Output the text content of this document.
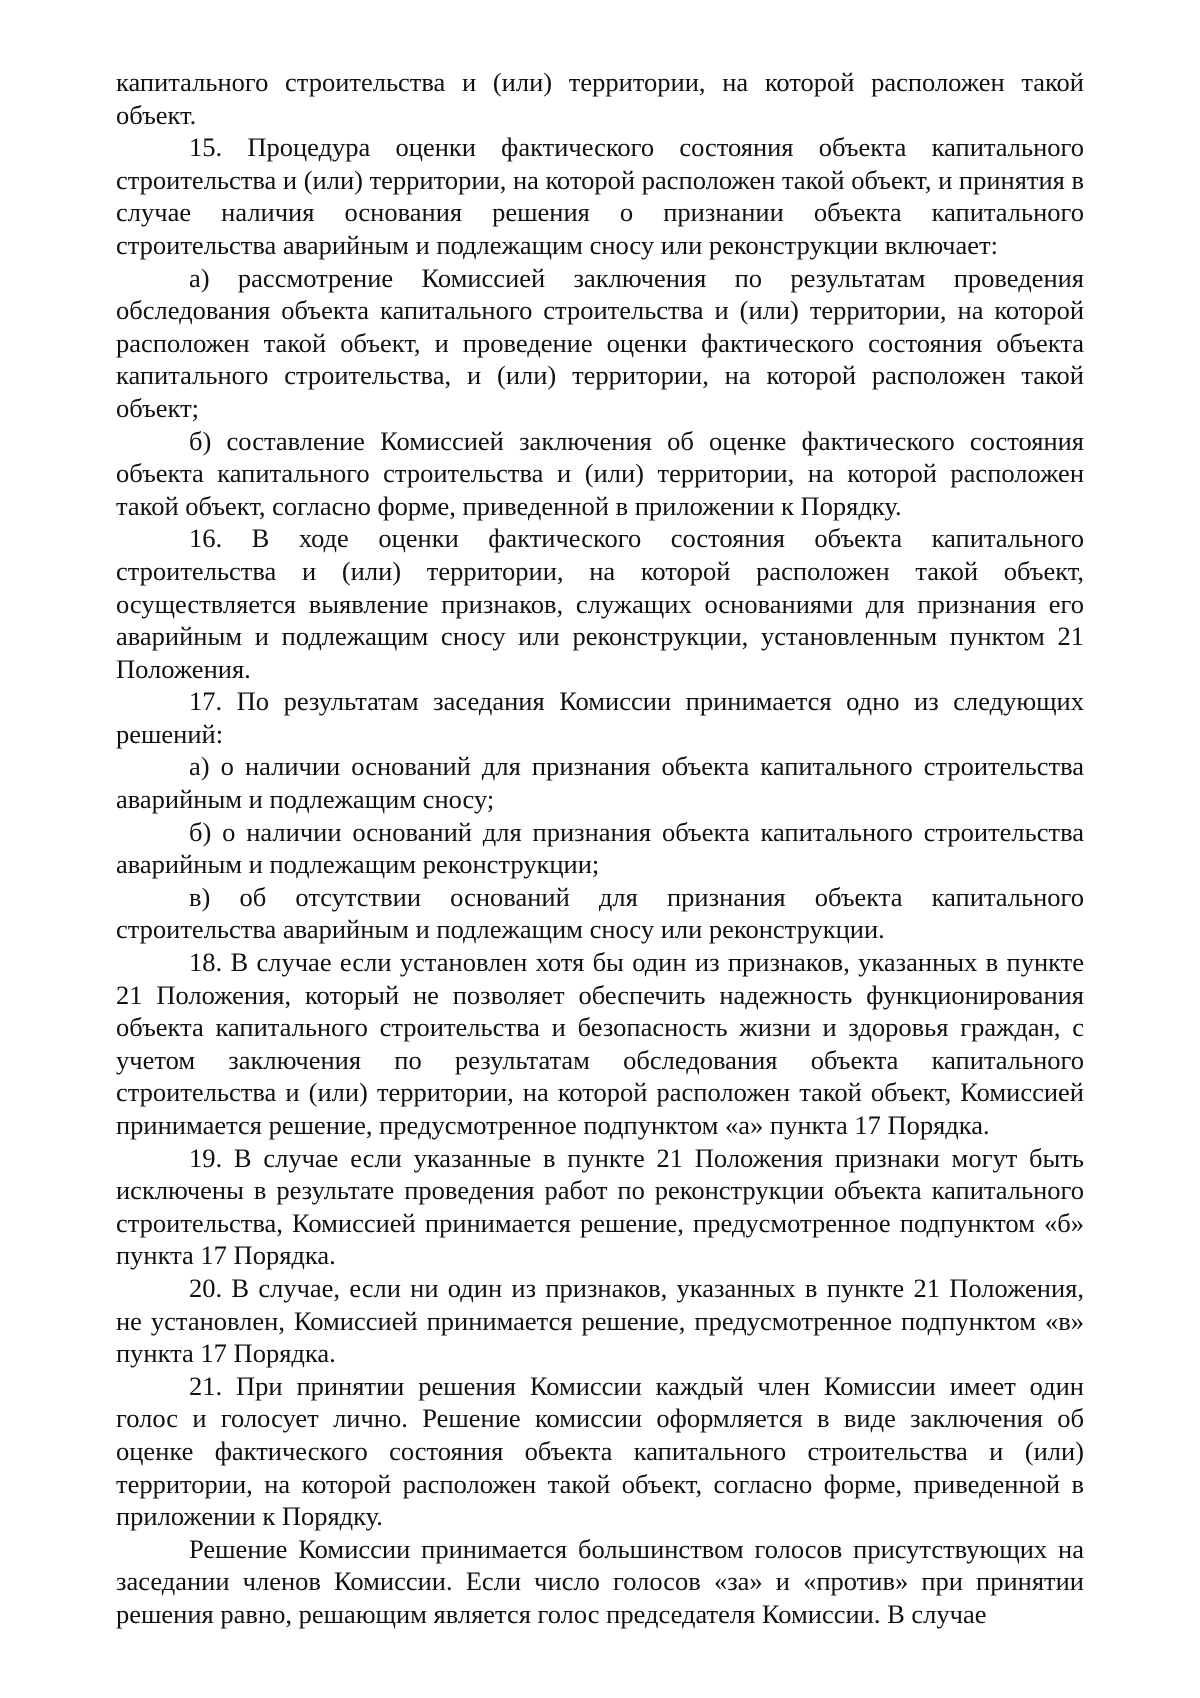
капитального строительства и (или) территории, на которой расположен такой объект.

15. Процедура оценки фактического состояния объекта капитального строительства и (или) территории, на которой расположен такой объект, и принятия в случае наличия основания решения о признании объекта капитального строительства аварийным и подлежащим сносу или реконструкции включает:

а) рассмотрение Комиссией заключения по результатам проведения обследования объекта капитального строительства и (или) территории, на которой расположен такой объект, и проведение оценки фактического состояния объекта капитального строительства, и (или) территории, на которой расположен такой объект;

б) составление Комиссией заключения об оценке фактического состояния объекта капитального строительства и (или) территории, на которой расположен такой объект, согласно форме, приведенной в приложении к Порядку.

16. В ходе оценки фактического состояния объекта капитального строительства и (или) территории, на которой расположен такой объект, осуществляется выявление признаков, служащих основаниями для признания его аварийным и подлежащим сносу или реконструкции, установленным пунктом 21 Положения.

17. По результатам заседания Комиссии принимается одно из следующих решений:

а) о наличии оснований для признания объекта капитального строительства аварийным и подлежащим сносу;

б) о наличии оснований для признания объекта капитального строительства аварийным и подлежащим реконструкции;

в) об отсутствии оснований для признания объекта капитального строительства аварийным и подлежащим сносу или реконструкции.

18. В случае если установлен хотя бы один из признаков, указанных в пункте 21 Положения, который не позволяет обеспечить надежность функционирования объекта капитального строительства и безопасность жизни и здоровья граждан, с учетом заключения по результатам обследования объекта капитального строительства и (или) территории, на которой расположен такой объект, Комиссией принимается решение, предусмотренное подпунктом «а» пункта 17 Порядка.

19. В случае если указанные в пункте 21 Положения признаки могут быть исключены в результате проведения работ по реконструкции объекта капитального строительства, Комиссией принимается решение, предусмотренное подпунктом «б» пункта 17 Порядка.

20. В случае, если ни один из признаков, указанных в пункте 21 Положения, не установлен, Комиссией принимается решение, предусмотренное подпунктом «в» пункта 17 Порядка.

21. При принятии решения Комиссии каждый член Комиссии имеет один голос и голосует лично. Решение комиссии оформляется в виде заключения об оценке фактического состояния объекта капитального строительства и (или) территории, на которой расположен такой объект, согласно форме, приведенной в приложении к Порядку.

Решение Комиссии принимается большинством голосов присутствующих на заседании членов Комиссии. Если число голосов «за» и «против» при принятии решения равно, решающим является голос председателя Комиссии. В случае
